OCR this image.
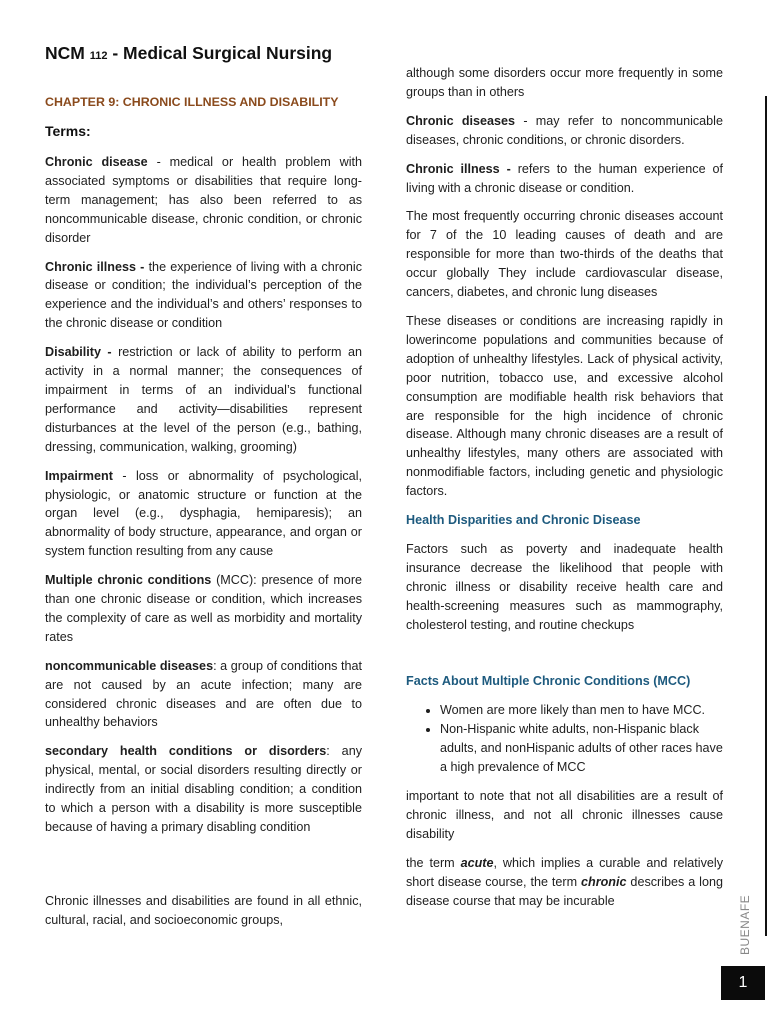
NCM 112 - Medical Surgical Nursing
CHAPTER 9: CHRONIC ILLNESS AND DISABILITY
Terms:

Chronic disease - medical or health problem with associated symptoms or disabilities that require long-term management; has also been referred to as noncommunicable disease, chronic condition, or chronic disorder

Chronic illness - the experience of living with a chronic disease or condition; the individual’s perception of the experience and the individual’s and others’ responses to the chronic disease or condition

Disability - restriction or lack of ability to perform an activity in a normal manner; the consequences of impairment in terms of an individual’s functional performance and activity—disabilities represent disturbances at the level of the person (e.g., bathing, dressing, communication, walking, grooming)

Impairment - loss or abnormality of psychological, physiologic, or anatomic structure or function at the organ level (e.g., dysphagia, hemiparesis); an abnormality of body structure, appearance, and organ or system function resulting from any cause

Multiple chronic conditions (MCC): presence of more than one chronic disease or condition, which increases the complexity of care as well as morbidity and mortality rates

noncommunicable diseases: a group of conditions that are not caused by an acute infection; many are considered chronic diseases and are often due to unhealthy behaviors

secondary health conditions or disorders: any physical, mental, or social disorders resulting directly or indirectly from an initial disabling condition; a condition to which a person with a disability is more susceptible because of having a primary disabling condition

Chronic illnesses and disabilities are found in all ethnic, cultural, racial, and socioeconomic groups,

although some disorders occur more frequently in some groups than in others

Chronic diseases - may refer to noncommunicable diseases, chronic conditions, or chronic disorders.

Chronic illness - refers to the human experience of living with a chronic disease or condition.

The most frequently occurring chronic diseases account for 7 of the 10 leading causes of death and are responsible for more than two-thirds of the deaths that occur globally They include cardiovascular disease, cancers, diabetes, and chronic lung diseases

These diseases or conditions are increasing rapidly in lowerincome populations and communities because of adoption of unhealthy lifestyles. Lack of physical activity, poor nutrition, tobacco use, and excessive alcohol consumption are modifiable health risk behaviors that are responsible for the high incidence of chronic disease. Although many chronic diseases are a result of unhealthy lifestyles, many others are associated with nonmodifiable factors, including genetic and physiologic factors.

Health Disparities and Chronic Disease

Factors such as poverty and inadequate health insurance decrease the likelihood that people with chronic illness or disability receive health care and health-screening measures such as mammography, cholesterol testing, and routine checkups

Facts About Multiple Chronic Conditions (MCC)

• Women are more likely than men to have MCC.
• Non-Hispanic white adults, non-Hispanic black adults, and nonHispanic adults of other races have a high prevalence of MCC

important to note that not all disabilities are a result of chronic illness, and not all chronic illnesses cause disability

the term acute, which implies a curable and relatively short disease course, the term chronic describes a long disease course that may be incurable	BUENAFE
1
